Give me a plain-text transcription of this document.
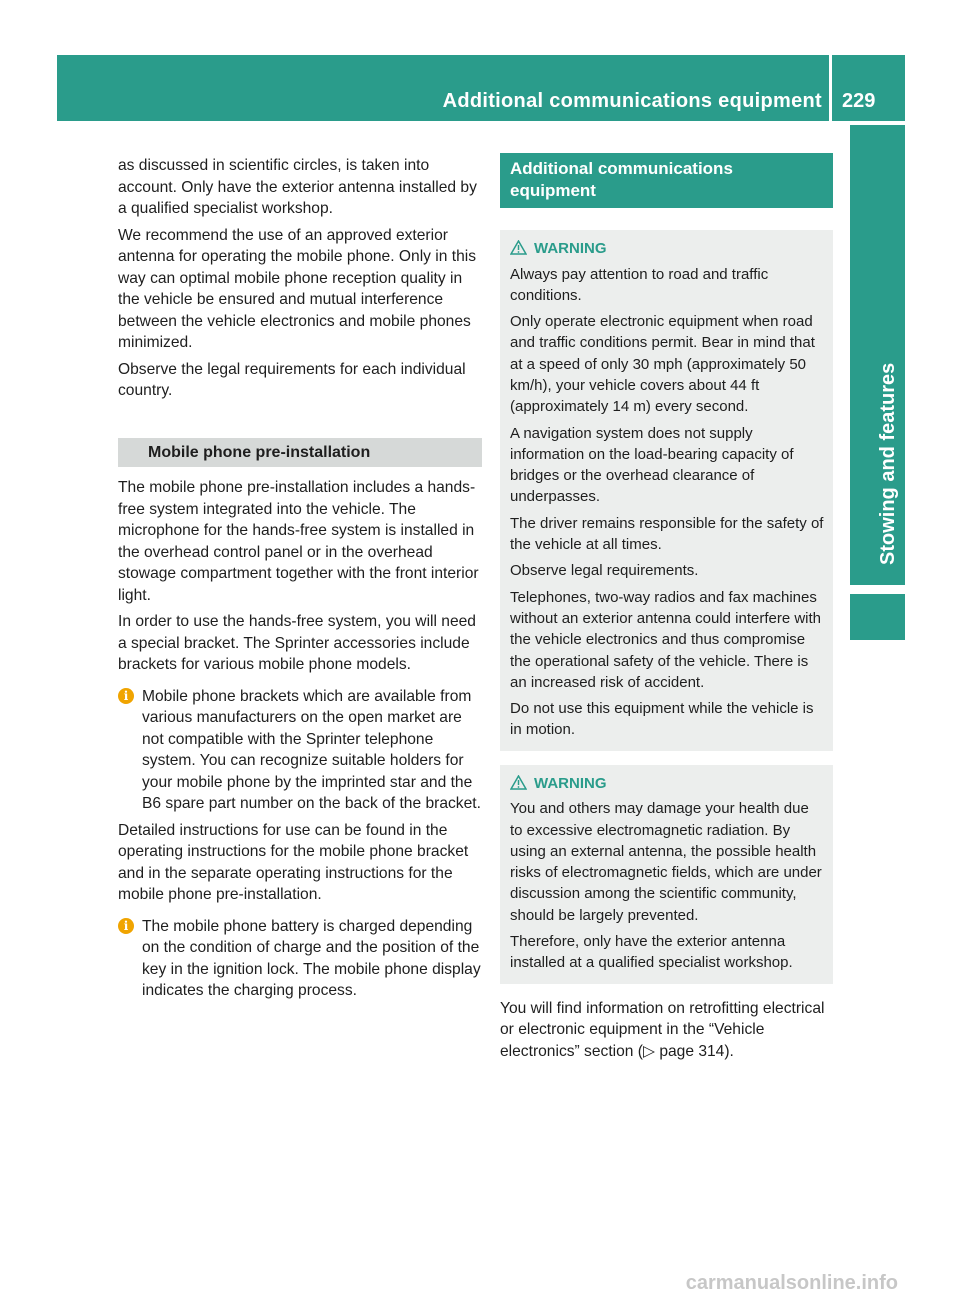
Additional communications equipment 229
Stowing and features

as discussed in scientific circles, is taken into account. Only have the exterior antenna installed by a qualified specialist workshop.

We recommend the use of an approved exterior antenna for operating the mobile phone. Only in this way can optimal mobile phone reception quality in the vehicle be ensured and mutual interference between the vehicle electronics and mobile phones minimized.

Observe the legal requirements for each individual country.

Mobile phone pre-installation

The mobile phone pre-installation includes a hands-free system integrated into the vehicle. The microphone for the hands-free system is installed in the overhead control panel or in the overhead stowage compartment together with the front interior light.

In order to use the hands-free system, you will need a special bracket. The Sprinter accessories include brackets for various mobile phone models.

i Mobile phone brackets which are available from various manufacturers on the open market are not compatible with the Sprinter telephone system. You can recognize suitable holders for your mobile phone by the imprinted star and the B6 spare part number on the back of the bracket.

Detailed instructions for use can be found in the operating instructions for the mobile phone bracket and in the separate operating instructions for the mobile phone pre-installation.

i The mobile phone battery is charged depending on the condition of charge and the position of the key in the ignition lock. The mobile phone display indicates the charging process.
Additional communications equipment
WARNING

Always pay attention to road and traffic conditions.

Only operate electronic equipment when road and traffic conditions permit. Bear in mind that at a speed of only 30 mph (approximately 50 km/h), your vehicle covers about 44 ft (approximately 14 m) every second.

A navigation system does not supply information on the load-bearing capacity of bridges or the overhead clearance of underpasses.

The driver remains responsible for the safety of the vehicle at all times.

Observe legal requirements.

Telephones, two-way radios and fax machines without an exterior antenna could interfere with the vehicle electronics and thus compromise the operational safety of the vehicle. There is an increased risk of accident.

Do not use this equipment while the vehicle is in motion.

WARNING

You and others may damage your health due to excessive electromagnetic radiation. By using an external antenna, the possible health risks of electromagnetic fields, which are under discussion among the scientific community, should be largely prevented.

Therefore, only have the exterior antenna installed at a qualified specialist workshop.

You will find information on retrofitting electrical or electronic equipment in the “Vehicle electronics” section (▷ page 314).

carmanualsonline.info
